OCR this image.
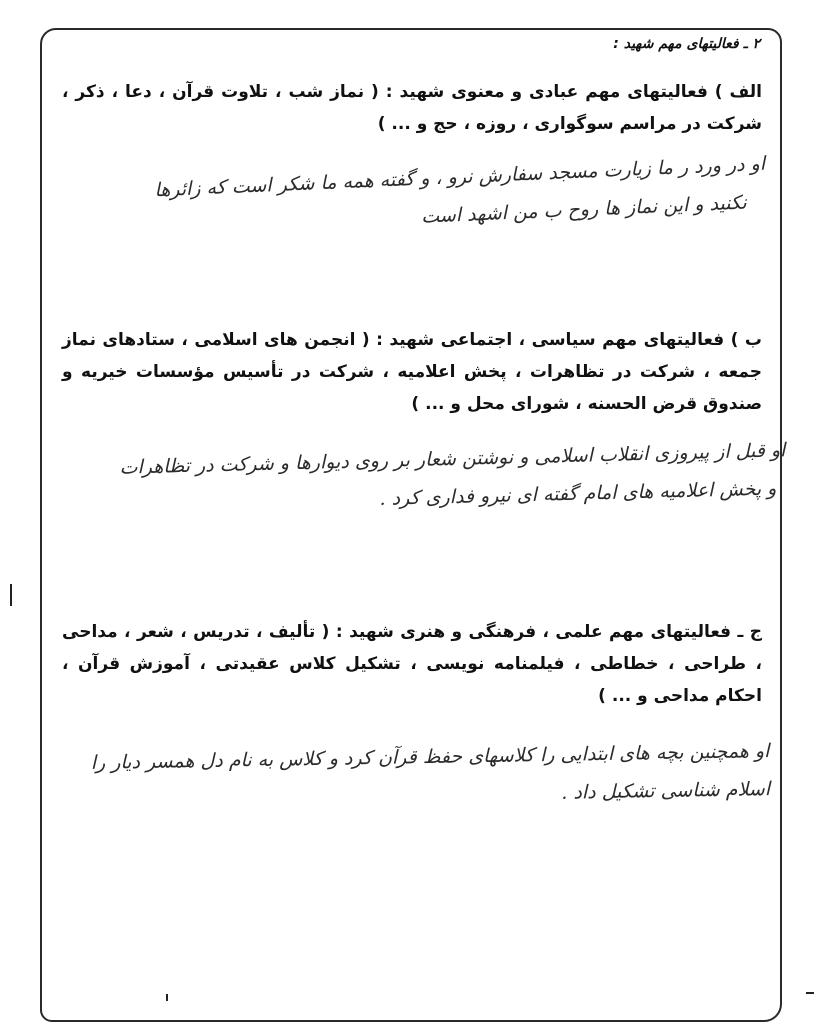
۲ ـ فعالیتهای مهم شهید :

الف ) فعالیتهای مهم عبادی و معنوی شهید : ( نماز شب ، تلاوت قرآن ، دعا ، ذکر ، شرکت در مراسم سوگواری ، روزه ، حج و ... )

او در ورد ر ما زیارت مسجد سفارش نرو ، و گفته همه ما شکر است که زائرها
نکنید و این نماز ها روح ب من اشهد است

ب ) فعالیتهای مهم سیاسی ، اجتماعی شهید : ( انجمن های اسلامی ، ستادهای نماز جمعه ، شرکت در تظاهرات ، پخش اعلامیه ، شرکت در تأسیس مؤسسات خیریه و صندوق قرض الحسنه ، شورای محل و ... )

او قبل از پیروزی انقلاب اسلامی و نوشتن شعار بر روی دیوارها و شرکت در تظاهرات
و پخش اعلامیه های امام گفته ای نیرو فداری کرد .

ج ـ فعالیتهای مهم علمی ، فرهنگی و هنری شهید : ( تألیف ، تدریس ، شعر ، مداحی ، طراحی ، خطاطی ، فیلمنامه نویسی ، تشکیل کلاس عقیدتی ، آموزش قرآن ، احکام مداحی و ... )

او همچنین بچه های ابتدایی را کلاسهای حفظ قرآن کرد و کلاس به نام دل همسر دیار را
اسلام شناسی تشکیل داد .
